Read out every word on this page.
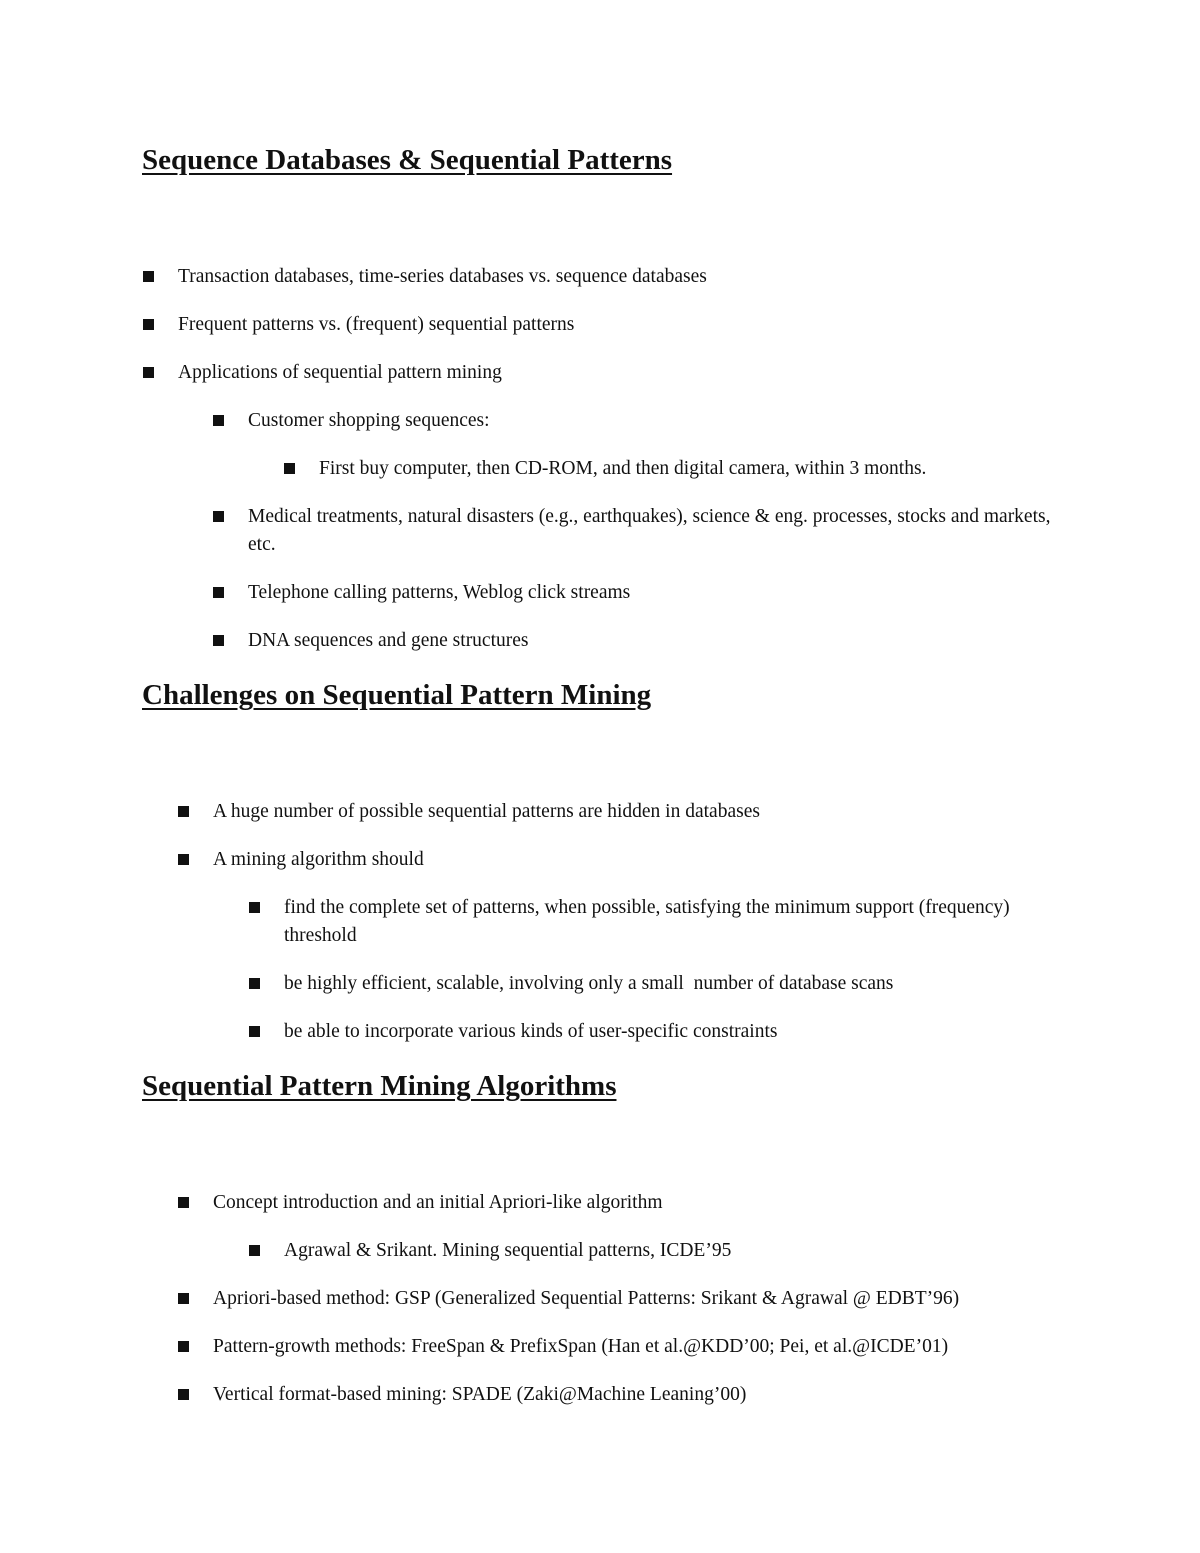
Sequence Databases & Sequential Patterns
Transaction databases, time-series databases vs. sequence databases
Frequent patterns vs. (frequent) sequential patterns
Applications of sequential pattern mining
Customer shopping sequences:
First buy computer, then CD-ROM, and then digital camera, within 3 months.
Medical treatments, natural disasters (e.g., earthquakes), science & eng. processes, stocks and markets, etc.
Telephone calling patterns, Weblog click streams
DNA sequences and gene structures
Challenges on Sequential Pattern Mining
A huge number of possible sequential patterns are hidden in databases
A mining algorithm should
find the complete set of patterns, when possible, satisfying the minimum support (frequency) threshold
be highly efficient, scalable, involving only a small  number of database scans
be able to incorporate various kinds of user-specific constraints
Sequential Pattern Mining Algorithms
Concept introduction and an initial Apriori-like algorithm
Agrawal & Srikant. Mining sequential patterns, ICDE’95
Apriori-based method: GSP (Generalized Sequential Patterns: Srikant & Agrawal @ EDBT’96)
Pattern-growth methods: FreeSpan & PrefixSpan (Han et al.@KDD’00; Pei, et al.@ICDE’01)
Vertical format-based mining: SPADE (Zaki@Machine Leaning’00)
